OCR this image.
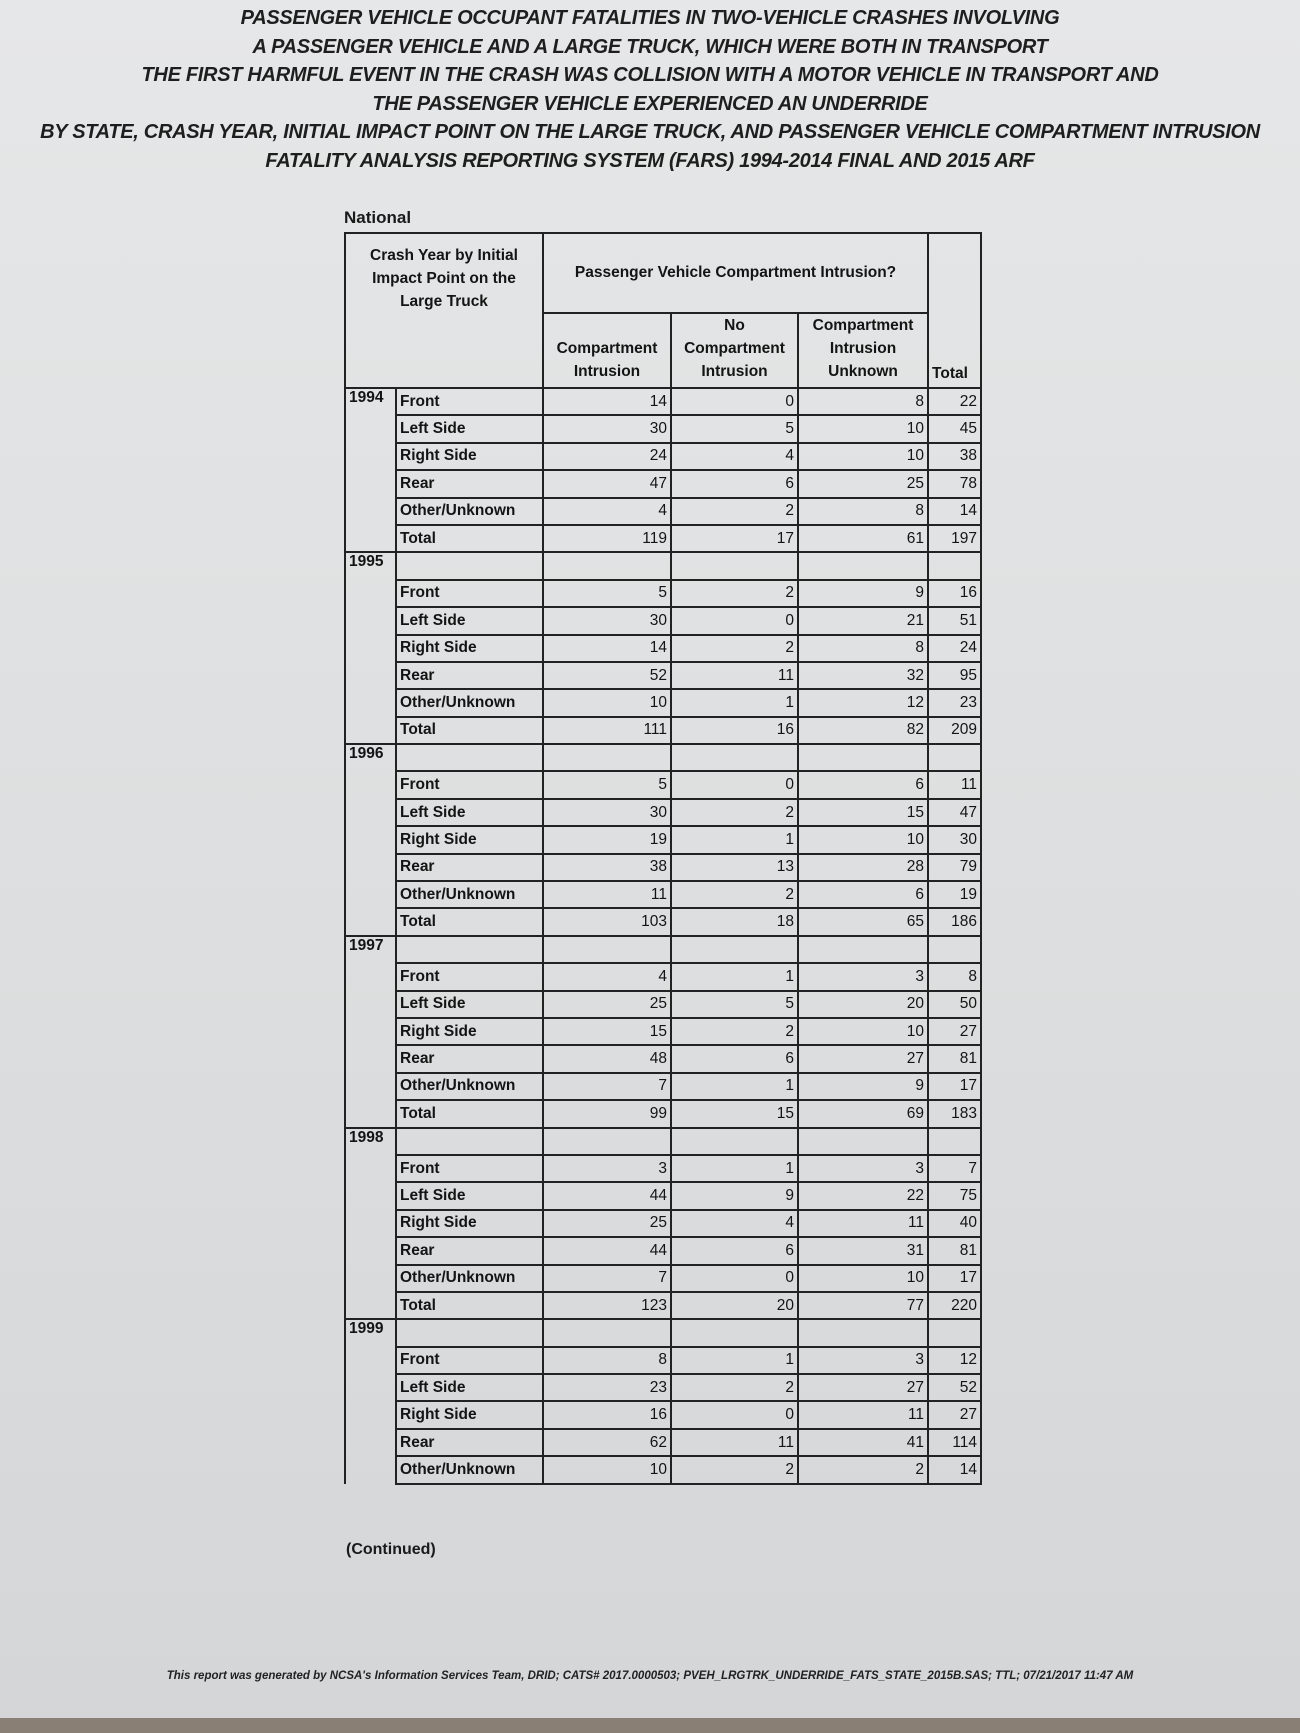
PASSENGER VEHICLE OCCUPANT FATALITIES IN TWO-VEHICLE CRASHES INVOLVING
A PASSENGER VEHICLE AND A LARGE TRUCK, WHICH WERE BOTH IN TRANSPORT
THE FIRST HARMFUL EVENT IN THE CRASH WAS COLLISION WITH A MOTOR VEHICLE IN TRANSPORT AND
THE PASSENGER VEHICLE EXPERIENCED AN UNDERRIDE
BY STATE, CRASH YEAR, INITIAL IMPACT POINT ON THE LARGE TRUCK, AND PASSENGER VEHICLE COMPARTMENT INTRUSION
FATALITY ANALYSIS REPORTING SYSTEM (FARS) 1994-2014 FINAL AND 2015 ARF
National
Crash Year by Initial Impact Point on the Large Truck		Passenger Vehicle Compartment Intrusion?			
		Compartment Intrusion	No Compartment Intrusion	Compartment Intrusion Unknown	Total
1994	Front	14	0	8	22
	Left Side	30	5	10	45
	Right Side	24	4	10	38
	Rear	47	6	25	78
	Other/Unknown	4	2	8	14
	Total	119	17	61	197
1995					
	Front	5	2	9	16
	Left Side	30	0	21	51
	Right Side	14	2	8	24
	Rear	52	11	32	95
	Other/Unknown	10	1	12	23
	Total	111	16	82	209
1996					
	Front	5	0	6	11
	Left Side	30	2	15	47
	Right Side	19	1	10	30
	Rear	38	13	28	79
	Other/Unknown	11	2	6	19
	Total	103	18	65	186
1997					
	Front	4	1	3	8
	Left Side	25	5	20	50
	Right Side	15	2	10	27
	Rear	48	6	27	81
	Other/Unknown	7	1	9	17
	Total	99	15	69	183
1998					
	Front	3	1	3	7
	Left Side	44	9	22	75
	Right Side	25	4	11	40
	Rear	44	6	31	81
	Other/Unknown	7	0	10	17
	Total	123	20	77	220
1999					
	Front	8	1	3	12
	Left Side	23	2	27	52
	Right Side	16	0	11	27
	Rear	62	11	41	114
	Other/Unknown	10	2	2	14
(Continued)
This report was generated by NCSA's Information Services Team, DRID; CATS# 2017.0000503; PVEH_LRGTRK_UNDERRIDE_FATS_STATE_2015B.SAS; TTL; 07/21/2017 11:47 AM
